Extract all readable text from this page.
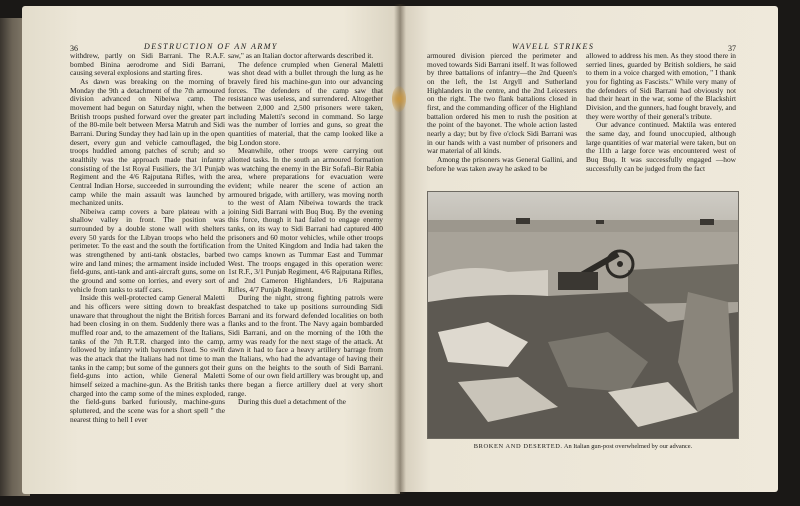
36	DESTRUCTION OF AN ARMY

withdrew, partly on Sidi Barrani. The R.A.F. bombed Binina aerodrome and Sidi Barrani, causing several explosions and starting fires.

As dawn was breaking on the morning of Monday the 9th a detachment of the 7th armoured division advanced on Nibeiwa camp. The movement had begun on Saturday night, when the British troops pushed forward over the greater part of the 80-mile belt between Mersa Matruh and Sidi Barrani. During Sunday they had lain up in the open desert, every gun and vehicle camouflaged, the troops huddled among patches of scrub; and so stealthily was the approach made that infantry consisting of the 1st Royal Fusiliers, the 3/1 Punjab Regiment and the 4/6 Rajputana Rifles, with the Central Indian Horse, succeeded in surrounding the camp while the main assault was launched by mechanized units.

Nibeiwa camp covers a bare plateau with a shallow valley in front. The position was surrounded by a double stone wall with shelters every 50 yards for the Libyan troops who held the perimeter. To the east and the south the fortification was strengthened by anti-tank obstacles, barbed wire and land mines; the armament inside included field-guns, anti-tank and anti-aircraft guns, some on the ground and some on lorries, and every sort of vehicle from tanks to staff cars.

Inside this well-protected camp General Maletti and his officers were sitting down to breakfast unaware that throughout the night the British forces had been closing in on them. Suddenly there was a muffled roar and, to the amazement of the Italians, tanks of the 7th R.T.R. charged into the camp, followed by infantry with bayonets fixed. So swift was the attack that the Italians had not time to man tanks in the camp; but some of the gunners got their field-guns into action, while General Maletti himself seized a machine-gun. As the British tanks charged into the camp some of the mines exploded, the field-guns barked furiously, machine-guns spluttered, and the scene was for a short spell " the nearest thing to hell I ever

saw," as an Italian doctor afterwards described it.

The defence crumpled when General Maletti was shot dead with a bullet through the lung as he bravely fired his machine-gun into our advancing forces. The defenders of the camp saw that resistance was useless, and surrendered. Altogether between 2,000 and 2,500 prisoners were taken, including Maletti's second in command. So large was the number of lorries and guns, so great the quantities of material, that the camp looked like a big London store.

Meanwhile, other troops were carrying out allotted tasks. In the south an armoured formation was watching the enemy in the Bir Sofafi–Bir Rabia area, where preparations for evacuation were evident; while nearer the scene of action an armoured brigade, with artillery, was moving north to the west of Alam Nibeiwa towards the track joining Sidi Barrani with Buq Buq. By the evening this force, though it had failed to engage enemy tanks, on its way to Sidi Barrani had captured 400 prisoners and 60 motor vehicles, while other troops from the United Kingdom and India had taken the two camps known as Tummar East and Tummar West. The troops engaged in this operation were: 1st R.F., 3/1 Punjab Regiment, 4/6 Rajputana Rifles, and 2nd Cameron Highlanders, 1/6 Rajputana Rifles, 4/7 Punjab Regiment.

During the night, strong fighting patrols were despatched to take up positions surrounding Sidi Barrani and its forward defended localities on both flanks and to the front. The Navy again bombarded Sidi Barrani, and on the morning of the 10th the army was ready for the next stage of the attack. At dawn it had to face a heavy artillery barrage from the Italians, who had the advantage of having their guns on the heights to the south of Sidi Barrani. Some of our own field artillery was brought up, and there began a fierce artillery duel at very short range.

During this duel a detachment of the

WAVELL STRIKES	37

armoured division pierced the perimeter and moved towards Sidi Barrani itself. It was followed by three battalions of infantry—the 2nd Queen's on the left, the 1st Argyll and Sutherland Highlanders in the centre, and the 2nd Leicesters on the right. The two flank battalions closed in first, and the commanding officer of the Highland battalion ordered his men to rush the position at the point of the bayonet. The whole action lasted nearly a day; but by five o'clock Sidi Barrani was in our hands with a vast number of prisoners and war material of all kinds.

Among the prisoners was General Gallini, and before he was taken away he asked to be

allowed to address his men. As they stood there in serried lines, guarded by British soldiers, he said to them in a voice charged with emotion, " I thank you for fighting as Fascists." While very many of the defenders of Sidi Barrani had obviously not had their heart in the war, some of the Blackshirt Division, and the gunners, had fought bravely, and they were worthy of their general's tribute.

Our advance continued. Maktila was entered the same day, and found unoccupied, although large quantities of war material were taken, but on the 11th a large force was encountered west of Buq Buq. It was successfully engaged —how successfully can be judged from the fact

BROKEN AND DESERTED. An Italian gun-post overwhelmed by our advance.
